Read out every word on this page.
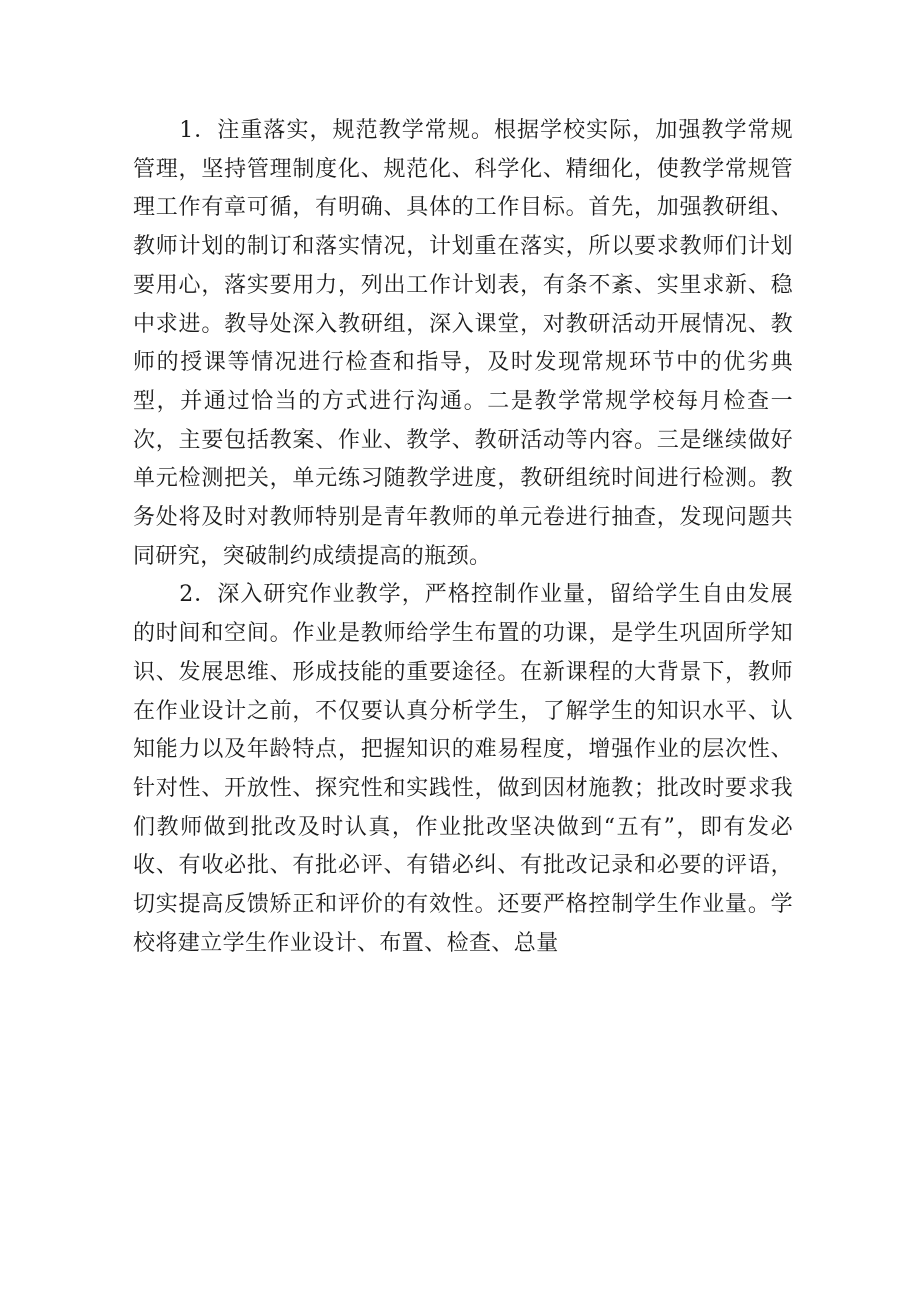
1．注重落实，规范教学常规。根据学校实际，加强教学常规管理，坚持管理制度化、规范化、科学化、精细化，使教学常规管理工作有章可循，有明确、具体的工作目标。首先，加强教研组、教师计划的制订和落实情况，计划重在落实，所以要求教师们计划要用心，落实要用力，列出工作计划表，有条不紊、实里求新、稳中求进。教导处深入教研组，深入课堂，对教研活动开展情况、教师的授课等情况进行检查和指导，及时发现常规环节中的优劣典型，并通过恰当的方式进行沟通。二是教学常规学校每月检查一次，主要包括教案、作业、教学、教研活动等内容。三是继续做好单元检测把关，单元练习随教学进度，教研组统时间进行检测。教务处将及时对教师特别是青年教师的单元卷进行抽查，发现问题共同研究，突破制约成绩提高的瓶颈。

2．深入研究作业教学，严格控制作业量，留给学生自由发展的时间和空间。作业是教师给学生布置的功课，是学生巩固所学知识、发展思维、形成技能的重要途径。在新课程的大背景下，教师在作业设计之前，不仅要认真分析学生，了解学生的知识水平、认知能力以及年龄特点，把握知识的难易程度，增强作业的层次性、针对性、开放性、探究性和实践性，做到因材施教；批改时要求我们教师做到批改及时认真，作业批改坚决做到“五有”，即有发必收、有收必批、有批必评、有错必纠、有批改记录和必要的评语，切实提高反馈矫正和评价的有效性。还要严格控制学生作业量。学校将建立学生作业设计、布置、检查、总量
